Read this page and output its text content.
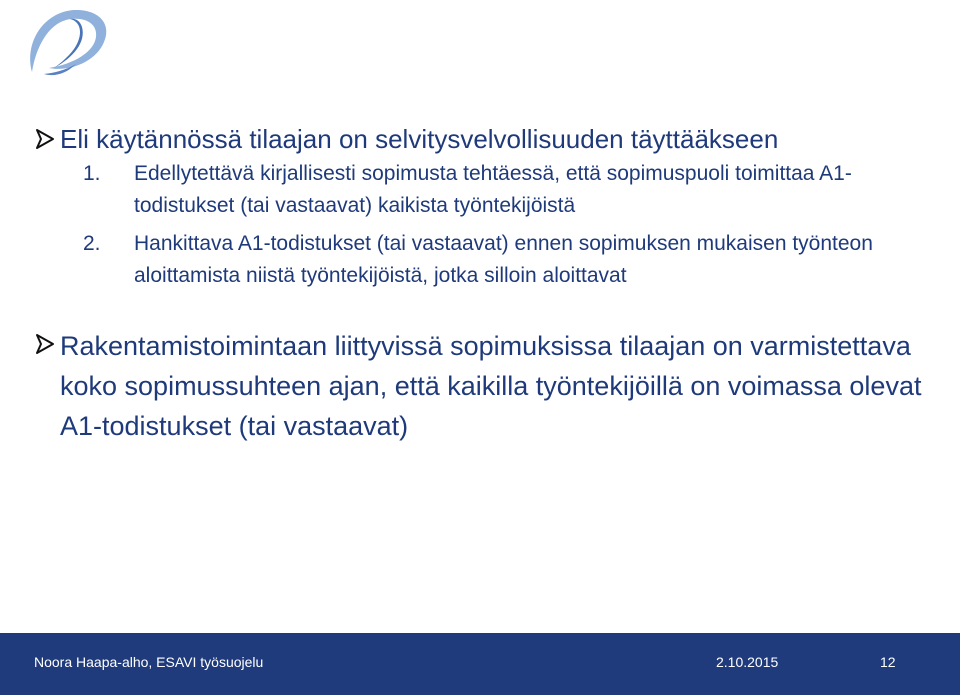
Eli käytännössä tilaajan on selvitysvelvollisuuden täyttääkseen
1. Edellytettävä kirjallisesti sopimusta tehtäessä, että sopimuspuoli toimittaa A1-todistukset (tai vastaavat) kaikista työntekijöistä
2. Hankittava A1-todistukset (tai vastaavat) ennen sopimuksen mukaisen työnteon aloittamista niistä työntekijöistä, jotka silloin aloittavat
Rakentamistoimintaan liittyvissä sopimuksissa tilaajan on varmistettava koko sopimussuhteen ajan, että kaikilla työntekijöillä on voimassa olevat A1-todistukset (tai vastaavat)
Noora Haapa-alho, ESAVI työsuojelu	2.10.2015	12
